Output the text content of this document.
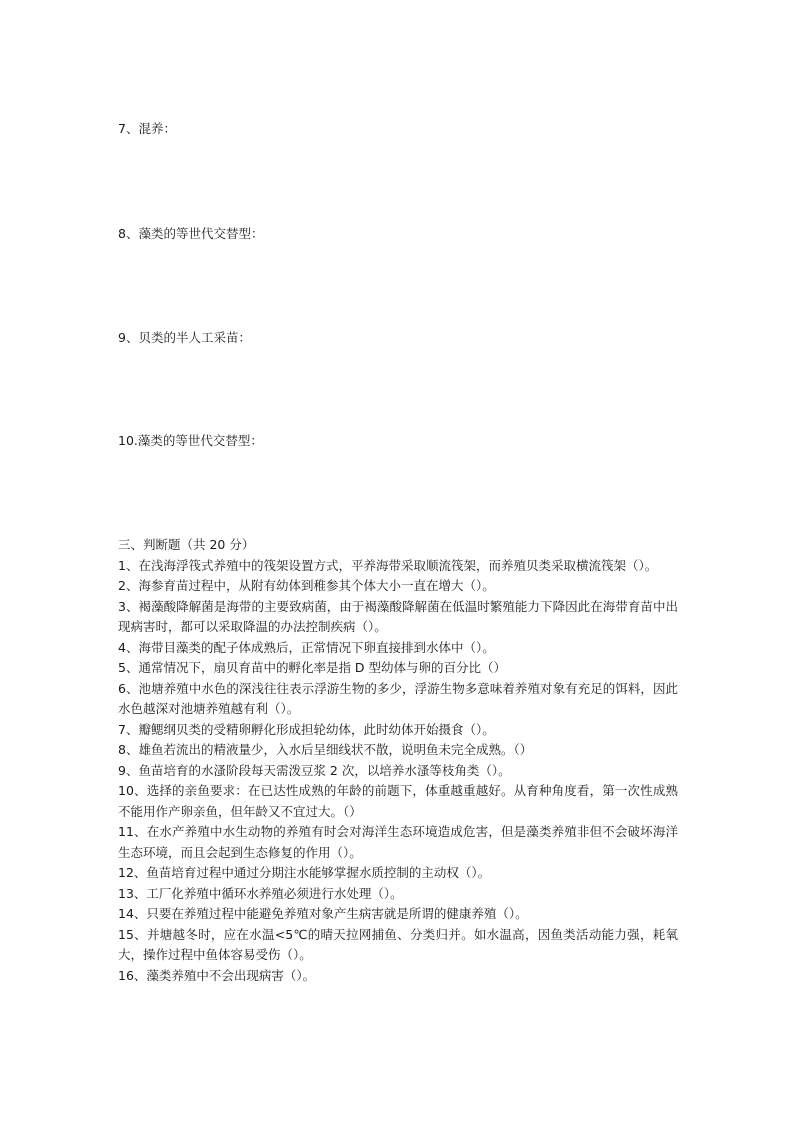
7、混养：
8、藻类的等世代交替型：
9、贝类的半人工采苗：
10.藻类的等世代交替型：

三、判断题（共 20 分）

1、在浅海浮筏式养殖中的筏架设置方式，平养海带采取顺流筏架，而养殖贝类采取横流筏架（）。

2、海参育苗过程中，从附有幼体到稚参其个体大小一直在增大（）。

3、褐藻酸降解菌是海带的主要致病菌，由于褐藻酸降解菌在低温时繁殖能力下降因此在海带育苗中出现病害时，都可以采取降温的办法控制疾病（）。

4、海带目藻类的配子体成熟后，正常情况下卵直接排到水体中（）。

5、通常情况下，扇贝育苗中的孵化率是指 D 型幼体与卵的百分比（）

6、池塘养殖中水色的深浅往往表示浮游生物的多少，浮游生物多意味着养殖对象有充足的饵料，因此水色越深对池塘养殖越有利（）。

7、瓣鳃纲贝类的受精卵孵化形成担轮幼体，此时幼体开始摄食（）。

8、雄鱼若流出的精液量少，入水后呈细线状不散，说明鱼未完全成熟。（）

9、鱼苗培育的水溞阶段每天需泼豆浆 2 次，以培养水溞等枝角类（）。

10、选择的亲鱼要求：在已达性成熟的年龄的前题下，体重越重越好。从育种角度看，第一次性成熟不能用作产卵亲鱼，但年龄又不宜过大。（）

11、在水产养殖中水生动物的养殖有时会对海洋生态环境造成危害，但是藻类养殖非但不会破坏海洋生态环境，而且会起到生态修复的作用（）。

12、鱼苗培育过程中通过分期注水能够掌握水质控制的主动权（）。

13、工厂化养殖中循环水养殖必须进行水处理（）。

14、只要在养殖过程中能避免养殖对象产生病害就是所谓的健康养殖（）。

15、并塘越冬时，应在水温<5℃的晴天拉网捕鱼、分类归并。如水温高，因鱼类活动能力强，耗氧大，操作过程中鱼体容易受伤（）。

16、藻类养殖中不会出现病害（）。
